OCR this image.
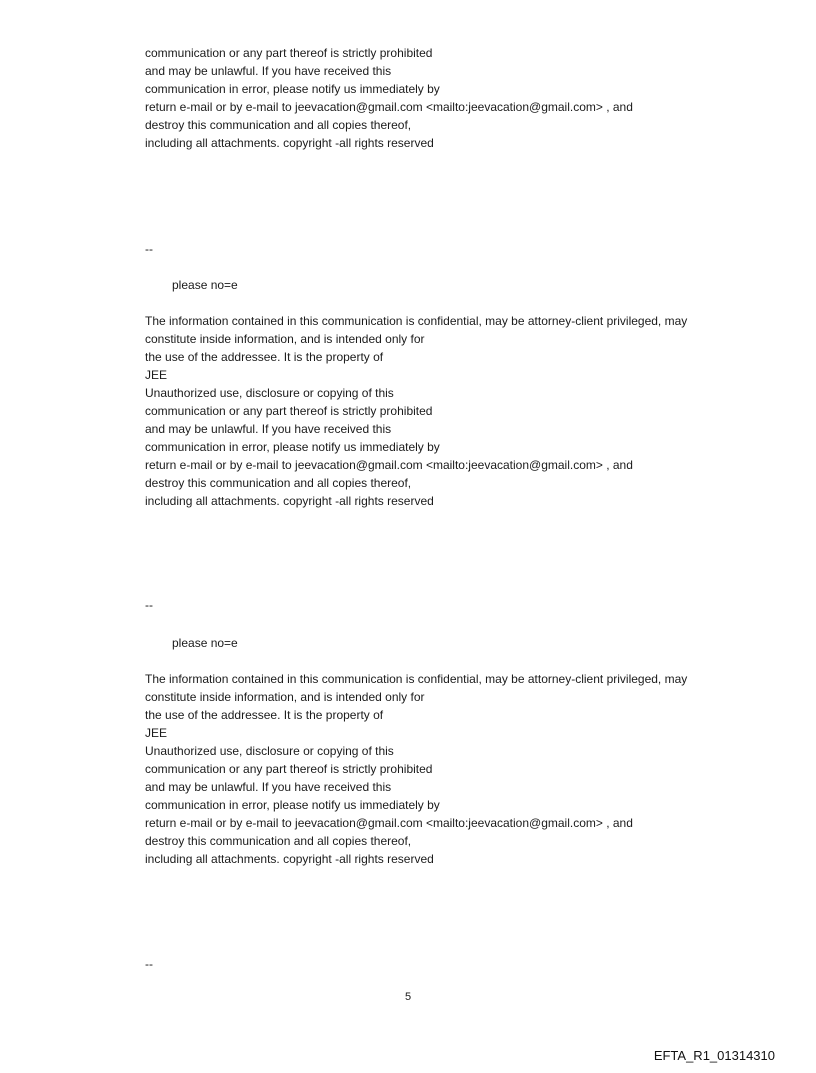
communication or any part thereof is strictly prohibited
and may be unlawful. If you have received this
communication in error, please notify us immediately by
return e-mail or by e-mail to jeevacation@gmail.com <mailto:jeevacation@gmail.com> , and
destroy this communication and all copies thereof,
including all attachments. copyright -all rights reserved
--
please no=e
The information contained in this communication is confidential, may be attorney-client privileged, may
constitute inside information, and is intended only for
the use of the addressee. It is the property of
JEE
Unauthorized use, disclosure or copying of this
communication or any part thereof is strictly prohibited
and may be unlawful. If you have received this
communication in error, please notify us immediately by
return e-mail or by e-mail to jeevacation@gmail.com <mailto:jeevacation@gmail.com> , and
destroy this communication and all copies thereof,
including all attachments. copyright -all rights reserved
--
please no=e
The information contained in this communication is confidential, may be attorney-client privileged, may
constitute inside information, and is intended only for
the use of the addressee. It is the property of
JEE
Unauthorized use, disclosure or copying of this
communication or any part thereof is strictly prohibited
and may be unlawful. If you have received this
communication in error, please notify us immediately by
return e-mail or by e-mail to jeevacation@gmail.com <mailto:jeevacation@gmail.com> , and
destroy this communication and all copies thereof,
including all attachments. copyright -all rights reserved
--
5
EFTA_R1_01314310
